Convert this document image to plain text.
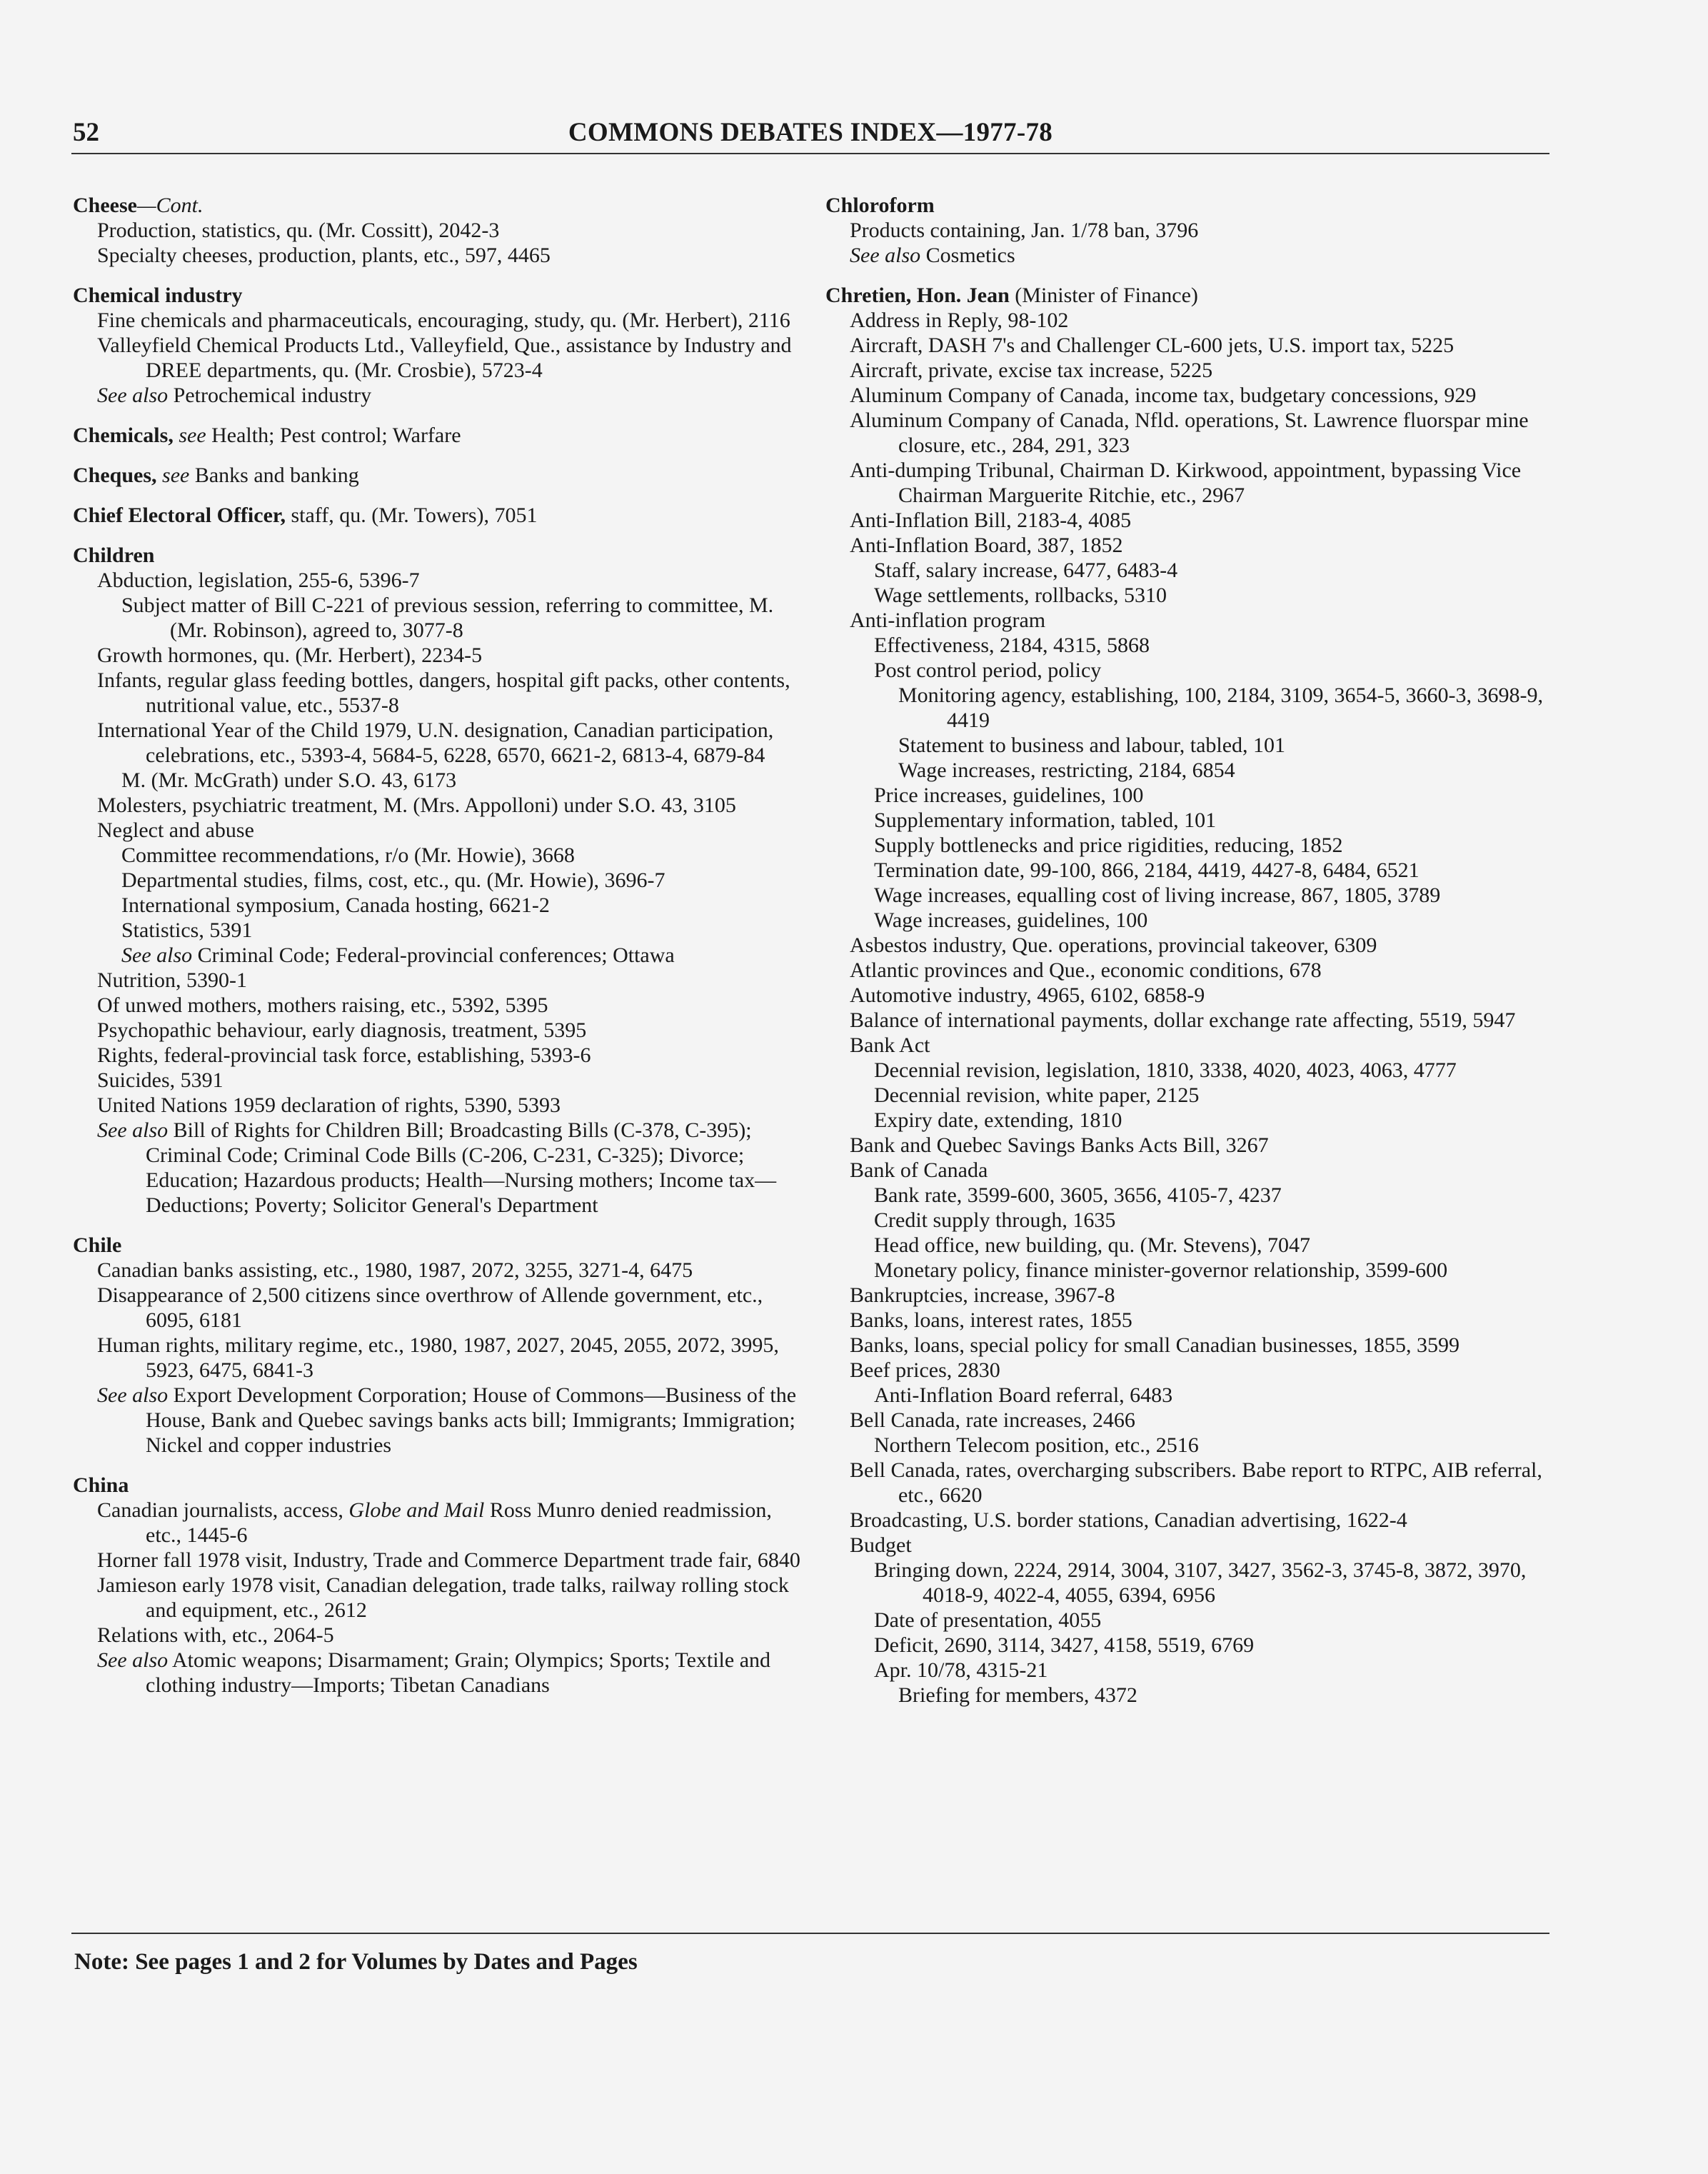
52	COMMONS DEBATES INDEX—1977-78
Cheese—Cont.
Production, statistics, qu. (Mr. Cossitt), 2042-3
Specialty cheeses, production, plants, etc., 597, 4465
Chemical industry
Fine chemicals and pharmaceuticals, encouraging, study, qu. (Mr. Herbert), 2116
Valleyfield Chemical Products Ltd., Valleyfield, Que., assistance by Industry and DREE departments, qu. (Mr. Crosbie), 5723-4
See also Petrochemical industry
Chemicals, see Health; Pest control; Warfare
Cheques, see Banks and banking
Chief Electoral Officer, staff, qu. (Mr. Towers), 7051
Children
Abduction, legislation, 255-6, 5396-7
Subject matter of Bill C-221 of previous session, referring to committee, M. (Mr. Robinson), agreed to, 3077-8
Growth hormones, qu. (Mr. Herbert), 2234-5
Infants, regular glass feeding bottles, dangers, hospital gift packs, other contents, nutritional value, etc., 5537-8
International Year of the Child 1979, U.N. designation, Canadian participation, celebrations, etc., 5393-4, 5684-5, 6228, 6570, 6621-2, 6813-4, 6879-84
M. (Mr. McGrath) under S.O. 43, 6173
Molesters, psychiatric treatment, M. (Mrs. Appolloni) under S.O. 43, 3105
Neglect and abuse
Committee recommendations, r/o (Mr. Howie), 3668
Departmental studies, films, cost, etc., qu. (Mr. Howie), 3696-7
International symposium, Canada hosting, 6621-2
Statistics, 5391
See also Criminal Code; Federal-provincial conferences; Ottawa
Nutrition, 5390-1
Of unwed mothers, mothers raising, etc., 5392, 5395
Psychopathic behaviour, early diagnosis, treatment, 5395
Rights, federal-provincial task force, establishing, 5393-6
Suicides, 5391
United Nations 1959 declaration of rights, 5390, 5393
See also Bill of Rights for Children Bill; Broadcasting Bills (C-378, C-395); Criminal Code; Criminal Code Bills (C-206, C-231, C-325); Divorce; Education; Hazardous products; Health—Nursing mothers; Income tax—Deductions; Poverty; Solicitor General's Department
Chile
Canadian banks assisting, etc., 1980, 1987, 2072, 3255, 3271-4, 6475
Disappearance of 2,500 citizens since overthrow of Allende government, etc., 6095, 6181
Human rights, military regime, etc., 1980, 1987, 2027, 2045, 2055, 2072, 3995, 5923, 6475, 6841-3
See also Export Development Corporation; House of Commons—Business of the House, Bank and Quebec savings banks acts bill; Immigrants; Immigration; Nickel and copper industries
China
Canadian journalists, access, Globe and Mail Ross Munro denied readmission, etc., 1445-6
Horner fall 1978 visit, Industry, Trade and Commerce Department trade fair, 6840
Jamieson early 1978 visit, Canadian delegation, trade talks, railway rolling stock and equipment, etc., 2612
Relations with, etc., 2064-5
See also Atomic weapons; Disarmament; Grain; Olympics; Sports; Textile and clothing industry—Imports; Tibetan Canadians
Chloroform
Products containing, Jan. 1/78 ban, 3796
See also Cosmetics
Chretien, Hon. Jean (Minister of Finance)
Address in Reply, 98-102
Aircraft, DASH 7's and Challenger CL-600 jets, U.S. import tax, 5225
Aircraft, private, excise tax increase, 5225
Aluminum Company of Canada, income tax, budgetary concessions, 929
Aluminum Company of Canada, Nfld. operations, St. Lawrence fluorspar mine closure, etc., 284, 291, 323
Anti-dumping Tribunal, Chairman D. Kirkwood, appointment, bypassing Vice Chairman Marguerite Ritchie, etc., 2967
Anti-Inflation Bill, 2183-4, 4085
Anti-Inflation Board, 387, 1852
Staff, salary increase, 6477, 6483-4
Wage settlements, rollbacks, 5310
Anti-inflation program
Effectiveness, 2184, 4315, 5868
Post control period, policy
Monitoring agency, establishing, 100, 2184, 3109, 3654-5, 3660-3, 3698-9, 4419
Statement to business and labour, tabled, 101
Wage increases, restricting, 2184, 6854
Price increases, guidelines, 100
Supplementary information, tabled, 101
Supply bottlenecks and price rigidities, reducing, 1852
Termination date, 99-100, 866, 2184, 4419, 4427-8, 6484, 6521
Wage increases, equalling cost of living increase, 867, 1805, 3789
Wage increases, guidelines, 100
Asbestos industry, Que. operations, provincial takeover, 6309
Atlantic provinces and Que., economic conditions, 678
Automotive industry, 4965, 6102, 6858-9
Balance of international payments, dollar exchange rate affecting, 5519, 5947
Bank Act
Decennial revision, legislation, 1810, 3338, 4020, 4023, 4063, 4777
Decennial revision, white paper, 2125
Expiry date, extending, 1810
Bank and Quebec Savings Banks Acts Bill, 3267
Bank of Canada
Bank rate, 3599-600, 3605, 3656, 4105-7, 4237
Credit supply through, 1635
Head office, new building, qu. (Mr. Stevens), 7047
Monetary policy, finance minister-governor relationship, 3599-600
Bankruptcies, increase, 3967-8
Banks, loans, interest rates, 1855
Banks, loans, special policy for small Canadian businesses, 1855, 3599
Beef prices, 2830
Anti-Inflation Board referral, 6483
Bell Canada, rate increases, 2466
Northern Telecom position, etc., 2516
Bell Canada, rates, overcharging subscribers. Babe report to RTPC, AIB referral, etc., 6620
Broadcasting, U.S. border stations, Canadian advertising, 1622-4
Budget
Bringing down, 2224, 2914, 3004, 3107, 3427, 3562-3, 3745-8, 3872, 3970, 4018-9, 4022-4, 4055, 6394, 6956
Date of presentation, 4055
Deficit, 2690, 3114, 3427, 4158, 5519, 6769
Apr. 10/78, 4315-21
Briefing for members, 4372
Note: See pages 1 and 2 for Volumes by Dates and Pages
